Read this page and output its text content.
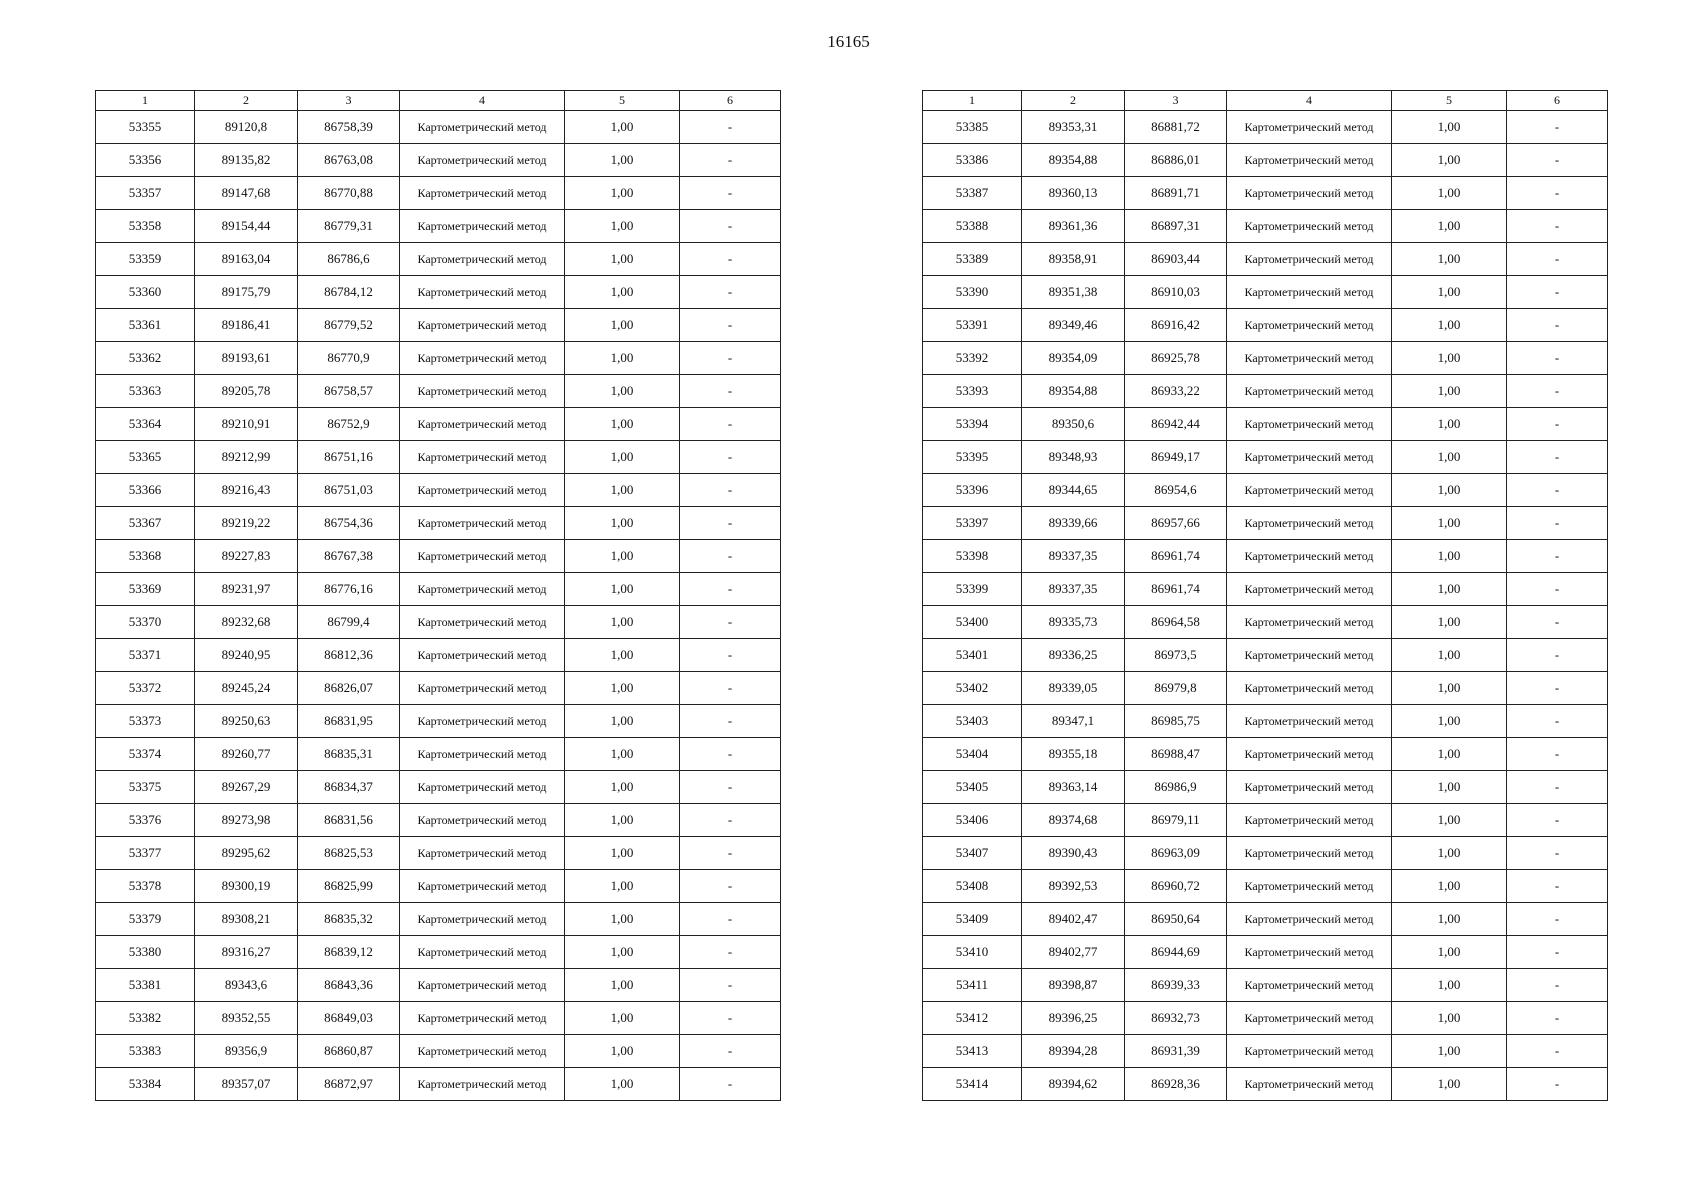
16165
1	2	3	4	5	6
53355	89120,8	86758,39	Картометрический метод	1,00	-
53356	89135,82	86763,08	Картометрический метод	1,00	-
53357	89147,68	86770,88	Картометрический метод	1,00	-
53358	89154,44	86779,31	Картометрический метод	1,00	-
53359	89163,04	86786,6	Картометрический метод	1,00	-
53360	89175,79	86784,12	Картометрический метод	1,00	-
53361	89186,41	86779,52	Картометрический метод	1,00	-
53362	89193,61	86770,9	Картометрический метод	1,00	-
53363	89205,78	86758,57	Картометрический метод	1,00	-
53364	89210,91	86752,9	Картометрический метод	1,00	-
53365	89212,99	86751,16	Картометрический метод	1,00	-
53366	89216,43	86751,03	Картометрический метод	1,00	-
53367	89219,22	86754,36	Картометрический метод	1,00	-
53368	89227,83	86767,38	Картометрический метод	1,00	-
53369	89231,97	86776,16	Картометрический метод	1,00	-
53370	89232,68	86799,4	Картометрический метод	1,00	-
53371	89240,95	86812,36	Картометрический метод	1,00	-
53372	89245,24	86826,07	Картометрический метод	1,00	-
53373	89250,63	86831,95	Картометрический метод	1,00	-
53374	89260,77	86835,31	Картометрический метод	1,00	-
53375	89267,29	86834,37	Картометрический метод	1,00	-
53376	89273,98	86831,56	Картометрический метод	1,00	-
53377	89295,62	86825,53	Картометрический метод	1,00	-
53378	89300,19	86825,99	Картометрический метод	1,00	-
53379	89308,21	86835,32	Картометрический метод	1,00	-
53380	89316,27	86839,12	Картометрический метод	1,00	-
53381	89343,6	86843,36	Картометрический метод	1,00	-
53382	89352,55	86849,03	Картометрический метод	1,00	-
53383	89356,9	86860,87	Картометрический метод	1,00	-
53384	89357,07	86872,97	Картометрический метод	1,00	-
1	2	3	4	5	6
53385	89353,31	86881,72	Картометрический метод	1,00	-
53386	89354,88	86886,01	Картометрический метод	1,00	-
53387	89360,13	86891,71	Картометрический метод	1,00	-
53388	89361,36	86897,31	Картометрический метод	1,00	-
53389	89358,91	86903,44	Картометрический метод	1,00	-
53390	89351,38	86910,03	Картометрический метод	1,00	-
53391	89349,46	86916,42	Картометрический метод	1,00	-
53392	89354,09	86925,78	Картометрический метод	1,00	-
53393	89354,88	86933,22	Картометрический метод	1,00	-
53394	89350,6	86942,44	Картометрический метод	1,00	-
53395	89348,93	86949,17	Картометрический метод	1,00	-
53396	89344,65	86954,6	Картометрический метод	1,00	-
53397	89339,66	86957,66	Картометрический метод	1,00	-
53398	89337,35	86961,74	Картометрический метод	1,00	-
53399	89337,35	86961,74	Картометрический метод	1,00	-
53400	89335,73	86964,58	Картометрический метод	1,00	-
53401	89336,25	86973,5	Картометрический метод	1,00	-
53402	89339,05	86979,8	Картометрический метод	1,00	-
53403	89347,1	86985,75	Картометрический метод	1,00	-
53404	89355,18	86988,47	Картометрический метод	1,00	-
53405	89363,14	86986,9	Картометрический метод	1,00	-
53406	89374,68	86979,11	Картометрический метод	1,00	-
53407	89390,43	86963,09	Картометрический метод	1,00	-
53408	89392,53	86960,72	Картометрический метод	1,00	-
53409	89402,47	86950,64	Картометрический метод	1,00	-
53410	89402,77	86944,69	Картометрический метод	1,00	-
53411	89398,87	86939,33	Картометрический метод	1,00	-
53412	89396,25	86932,73	Картометрический метод	1,00	-
53413	89394,28	86931,39	Картометрический метод	1,00	-
53414	89394,62	86928,36	Картометрический метод	1,00	-
